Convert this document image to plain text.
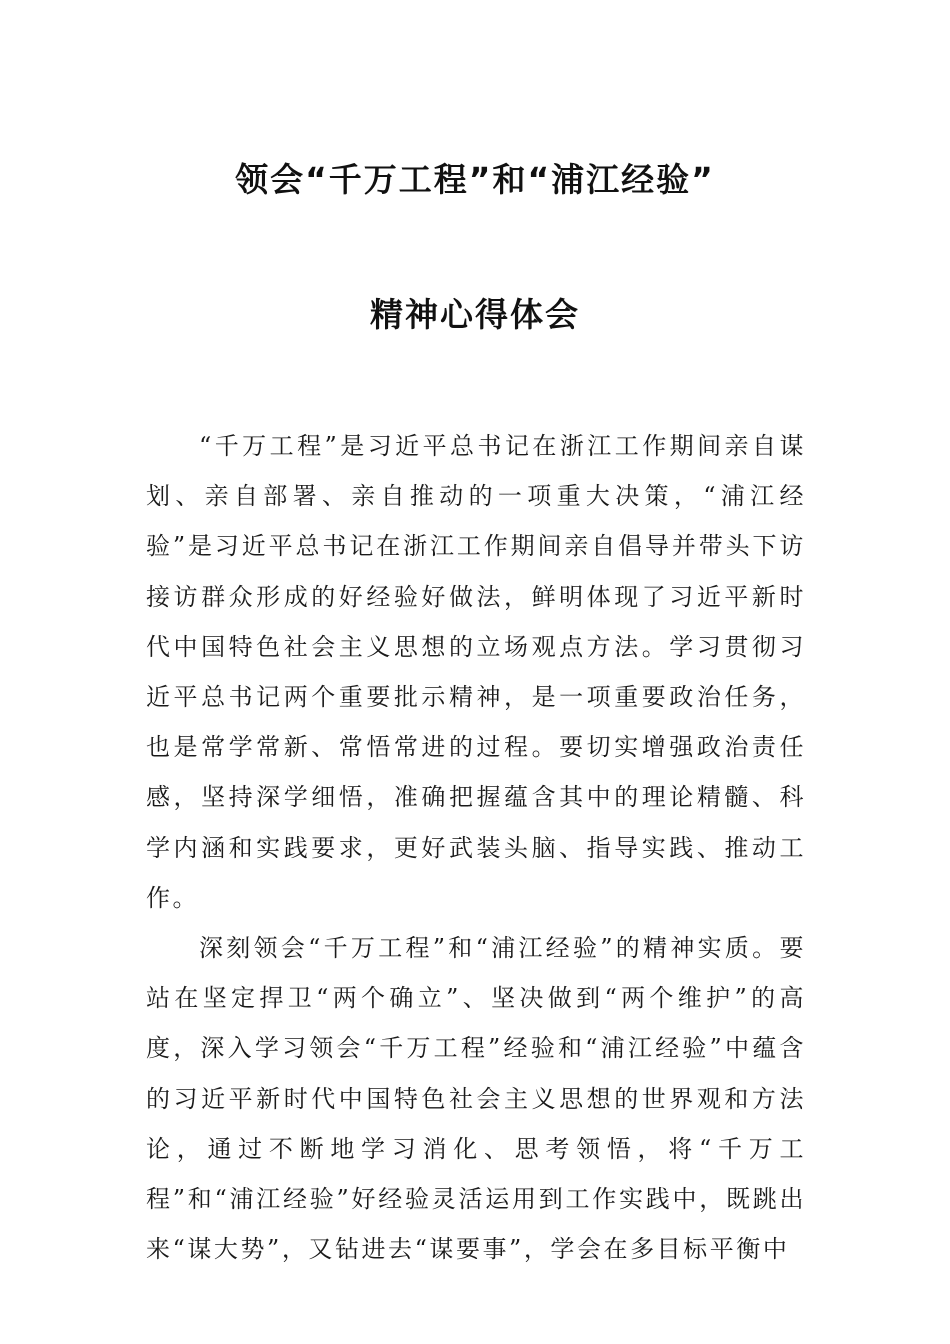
领会“千万工程”和“浦江经验”
精神心得体会

“千万工程”是习近平总书记在浙江工作期间亲自谋划、亲自部署、亲自推动的一项重大决策，“浦江经验”是习近平总书记在浙江工作期间亲自倡导并带头下访接访群众形成的好经验好做法，鲜明体现了习近平新时代中国特色社会主义思想的立场观点方法。学习贯彻习近平总书记两个重要批示精神，是一项重要政治任务，也是常学常新、常悟常进的过程。要切实增强政治责任感，坚持深学细悟，准确把握蕴含其中的理论精髓、科学内涵和实践要求，更好武装头脑、指导实践、推动工作。

深刻领会“千万工程”和“浦江经验”的精神实质。要站在坚定捍卫“两个确立”、坚决做到“两个维护”的高度，深入学习领会“千万工程”经验和“浦江经验”中蕴含的习近平新时代中国特色社会主义思想的世界观和方法论，通过不断地学习消化、思考领悟，将“千万工程”和“浦江经验”好经验灵活运用到工作实践中，既跳出来“谋大势”，又钻进去“谋要事”，学会在多目标平衡中
